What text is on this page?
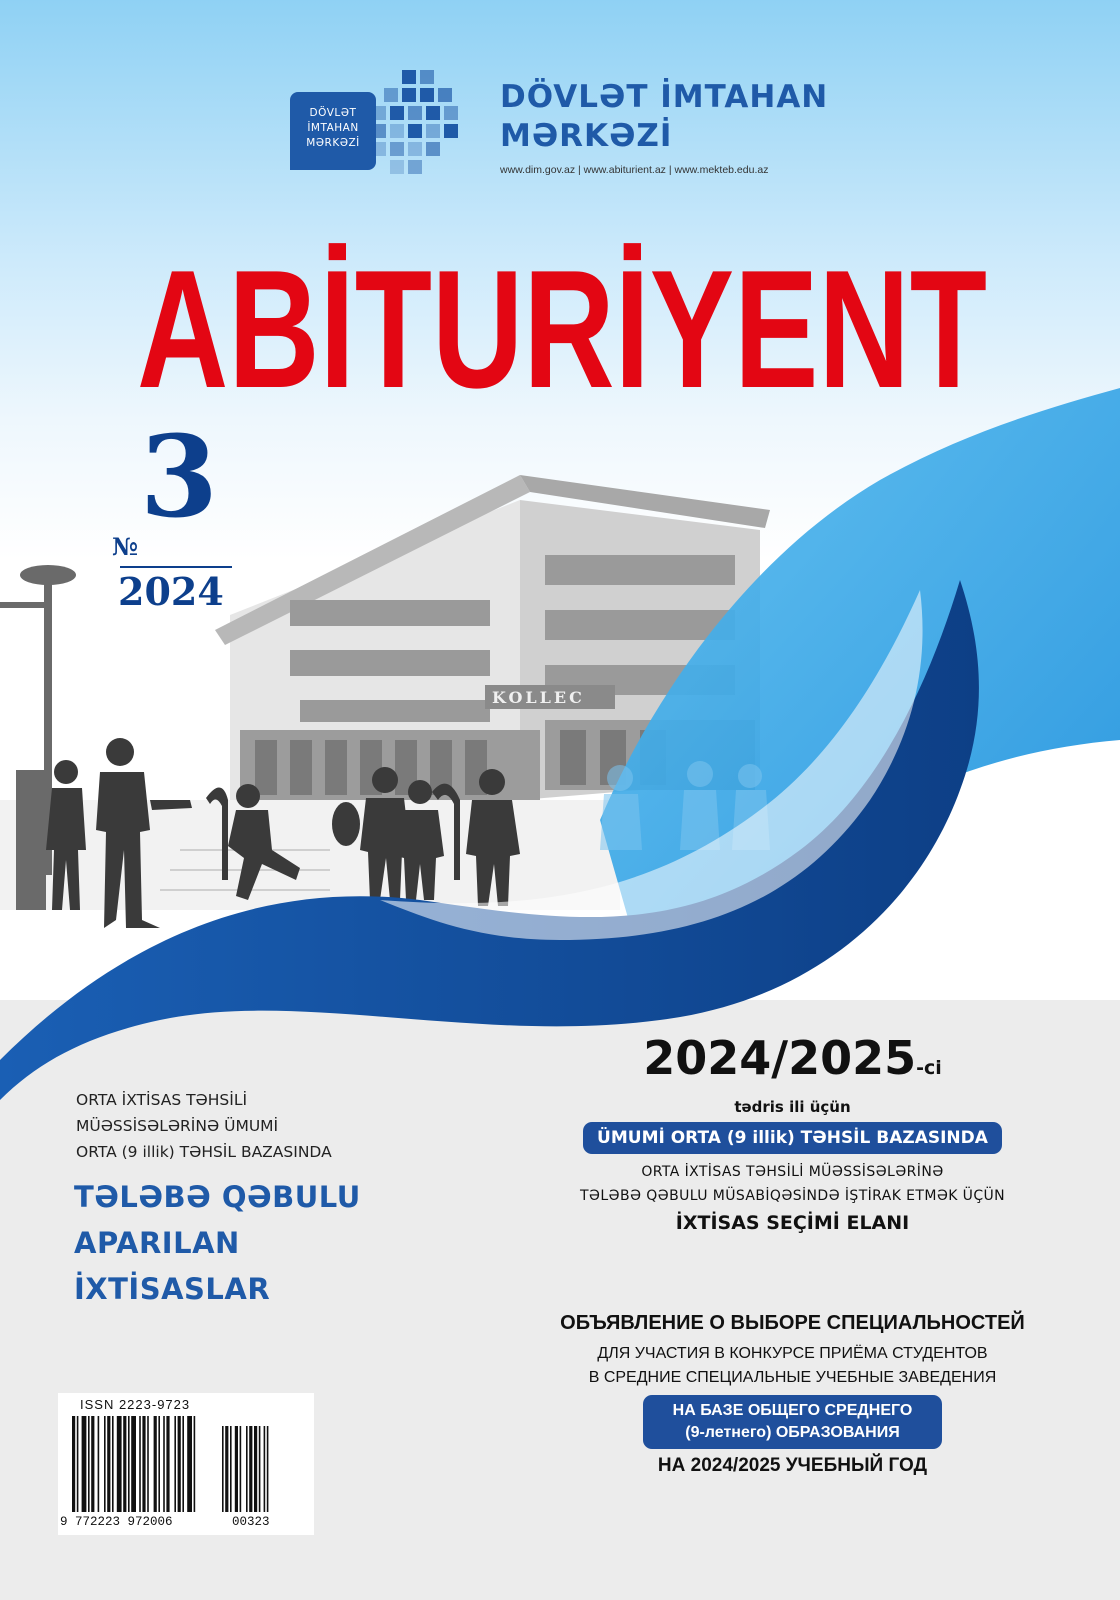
KOLLEC
DÖVLƏT
İMTAHAN
MƏRKƏZİ
DÖVLƏT İMTAHAN
MƏRKƏZİ
www.dim.gov.az | www.abiturient.az | www.mekteb.edu.az
ABİTURİYENT
3
№
2024
ORTA İXTİSAS TƏHSİLİ
MÜƏSSİSƏLƏRİNƏ ÜMUMİ
ORTA (9 illik) TƏHSİL BAZASINDA
TƏLƏBƏ QƏBULU
APARILAN
İXTİSASLAR
2024/2025-ci
tədris ili üçün
ÜMUMİ ORTA (9 illik) TƏHSİL BAZASINDA
ORTA İXTİSAS TƏHSİLİ MÜƏSSİSƏLƏRİNƏ
TƏLƏBƏ QƏBULU MÜSABİQƏSİNDƏ İŞTİRAK ETMƏK ÜÇÜN
İXTİSAS SEÇİMİ ELANI
ОБЪЯВЛЕНИЕ О ВЫБОРЕ СПЕЦИАЛЬНОСТЕЙ
ДЛЯ УЧАСТИЯ В КОНКУРСЕ ПРИЁМА СТУДЕНТОВ
В СРЕДНИЕ СПЕЦИАЛЬНЫЕ УЧЕБНЫЕ ЗАВЕДЕНИЯ
НА БАЗЕ ОБЩЕГО СРЕДНЕГО
(9-летнего) ОБРАЗОВАНИЯ
НА 2024/2025 УЧЕБНЫЙ ГОД
ISSN 2223-9723
9 772223 972006	00323
